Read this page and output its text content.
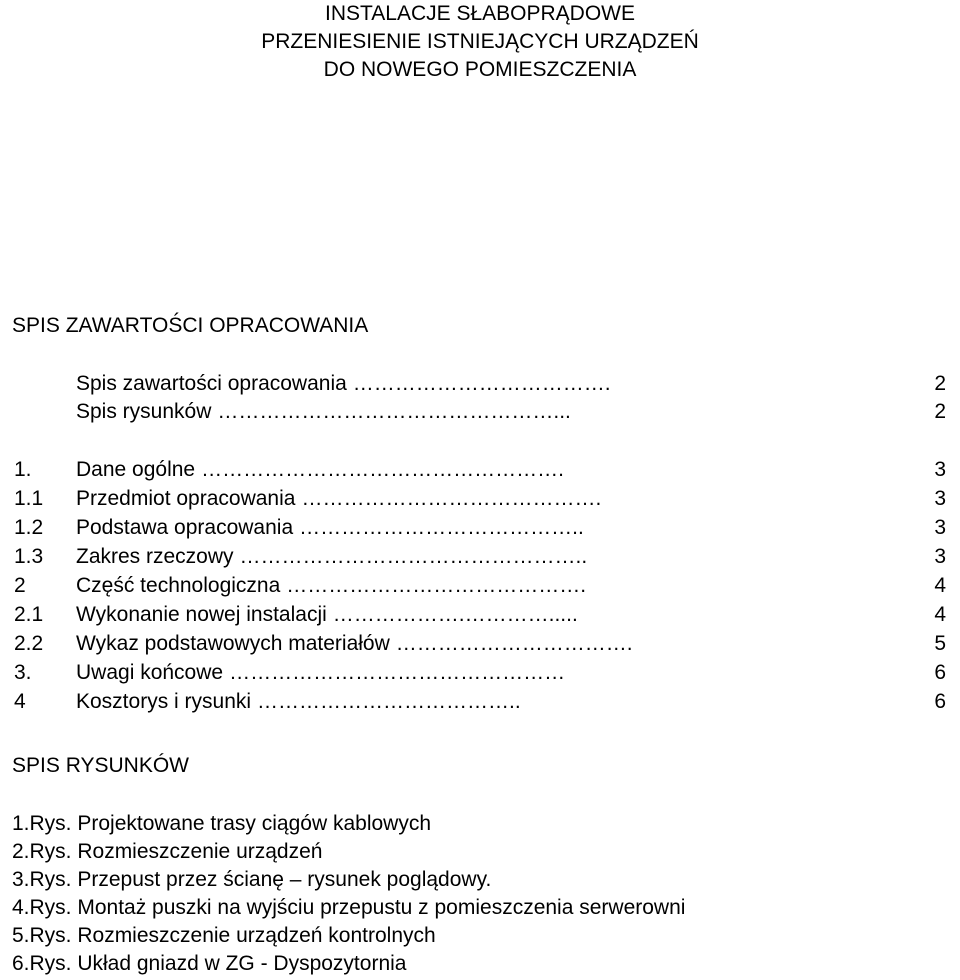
INSTALACJE SŁABOPRĄDOWE
PRZENIESIENIE ISTNIEJĄCYCH URZĄDZEŃ
DO NOWEGO POMIESZCZENIA
SPIS ZAWARTOŚCI OPRACOWANIA
Spis zawartości opracowania ……………………………….	2
Spis rysunków …………………………………………...	2
1.	Dane ogólne …………………………………………….	3
1.1	Przedmiot opracowania …………………………………….	3
1.2	Podstawa opracowania …………………………………..	3
1.3	Zakres rzeczowy …………………………………………..	3
2	Część technologiczna …………………………………….	4
2.1	Wykonanie nowej instalacji ……………….………….....	4
2.2	Wykaz podstawowych materiałów …………………………….	5
3.	Uwagi końcowe …………………………………………	6
4	Kosztorys i rysunki ………………………………..	6
SPIS RYSUNKÓW
1.Rys. Projektowane trasy ciągów kablowych
2.Rys. Rozmieszczenie urządzeń
3.Rys. Przepust przez ścianę – rysunek poglądowy.
4.Rys. Montaż puszki na wyjściu przepustu z pomieszczenia serwerowni
5.Rys. Rozmieszczenie urządzeń kontrolnych
6.Rys. Układ gniazd w ZG - Dyspozytornia
